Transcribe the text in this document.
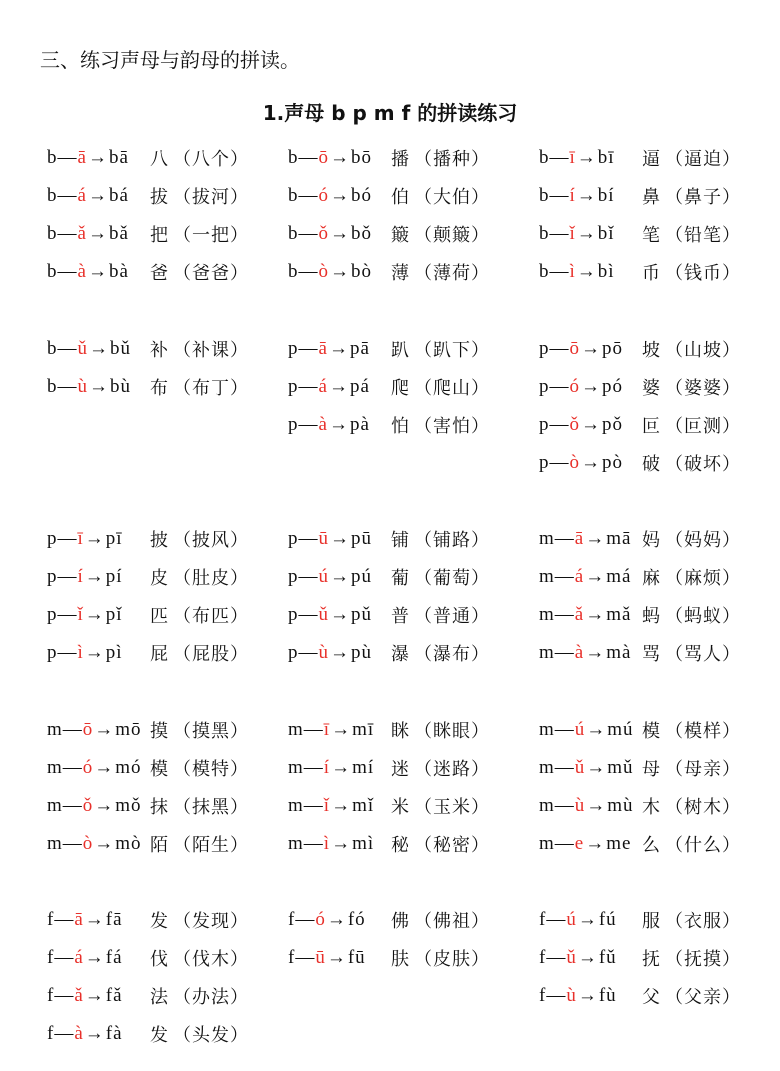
三、练习声母与韵母的拼读。
1.声母 b p m f 的拼读练习
b—ā→bā	八 （八个）
b—á→bá	拔 （拔河）
b—ǎ→bǎ	把 （一把）
b—à→bà	爸 （爸爸）
b—ō→bō	播 （播种）
b—ó→bó	伯 （大伯）
b—ǒ→bǒ	簸 （颠簸）
b—ò→bò	薄 （薄荷）
b—ī→bī	逼 （逼迫）
b—í→bí	鼻 （鼻子）
b—ǐ→bǐ	笔 （铅笔）
b—ì→bì	币 （钱币）
b—ǔ→bǔ	补 （补课）
b—ù→bù	布 （布丁）
p—ā→pā	趴 （趴下）
p—á→pá	爬 （爬山）
p—à→pà	怕 （害怕）
p—ō→pō	坡 （山坡）
p—ó→pó	婆 （婆婆）
p—ǒ→pǒ	叵 （叵测）
p—ò→pò	破 （破坏）
p—ī→pī	披 （披风）
p—í→pí	皮 （肚皮）
p—ǐ→pǐ	匹 （布匹）
p—ì→pì	屁 （屁股）
p—ū→pū	铺 （铺路）
p—ú→pú	葡 （葡萄）
p—ǔ→pǔ	普 （普通）
p—ù→pù	瀑 （瀑布）
m—ā→mā 妈 （妈妈）
m—á→má 麻 （麻烦）
m—ǎ→mǎ 蚂 （蚂蚁）
m—à→mà 骂 （骂人）
m—ō→mō 摸 （摸黑）
m—ó→mó 模 （模特）
m—ǒ→mǒ 抹 （抹黑）
m—ò→mò 陌 （陌生）
m—ī→mī 眯 （眯眼）
m—í→mí 迷 （迷路）
m—ǐ→mǐ 米 （玉米）
m—ì→mì 秘 （秘密）
m—ú→mú 模 （模样）
m—ǔ→mǔ 母 （母亲）
m—ù→mù 木 （树木）
m—e→me 么 （什么）
f—ā→fā	发 （发现）
f—á→fá	伐 （伐木）
f—ǎ→fǎ	法 （办法）
f—à→fà	发 （头发）
f—ó→fó	佛 （佛祖）
f—ū→fū	肤 （皮肤）
f—ú→fú	服 （衣服）
f—ǔ→fǔ	抚 （抚摸）
f—ù→fù	父 （父亲）
